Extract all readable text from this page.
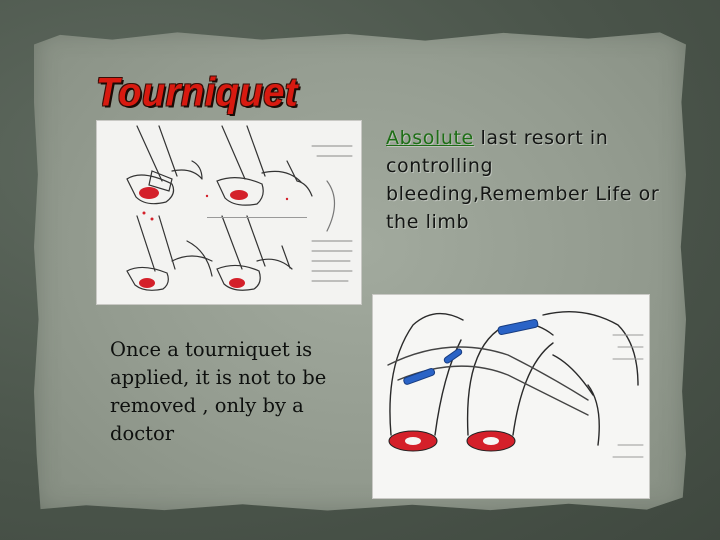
Tourniquet
Absolute last resort in controlling bleeding,Remember Life or the limb
Once a tourniquet is applied, it is not to be removed , only by a doctor
